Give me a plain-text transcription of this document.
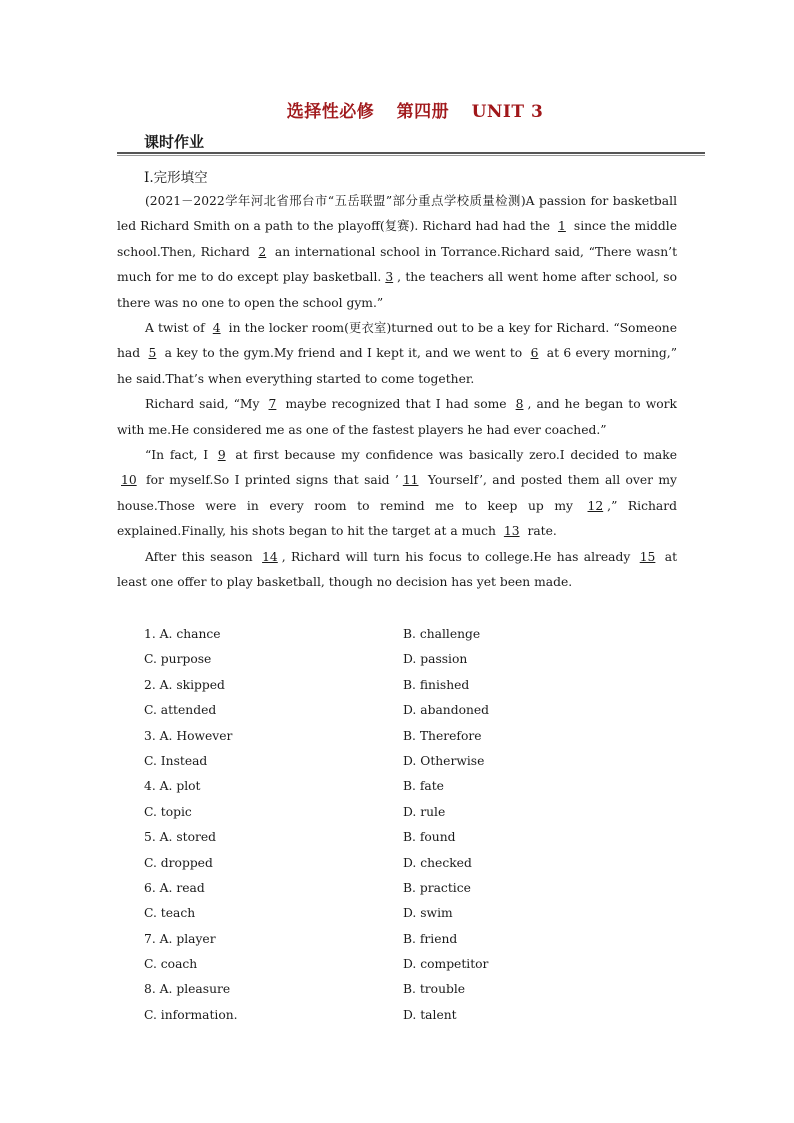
选择性必修 第四册 UNIT 3
课时作业
Ⅰ.完形填空

(2021－2022学年河北省邢台市“五岳联盟”部分重点学校质量检测)A passion for basketball led Richard Smith on a path to the playoff(复赛). Richard had had the 1 since the middle school.Then, Richard 2 an international school in Torrance.Richard said, “There wasn’t much for me to do except play basketball. 3 , the teachers all went home after school, so there was no one to open the school gym.”

A twist of 4 in the locker room(更衣室)turned out to be a key for Richard. “Someone had 5 a key to the gym.My friend and I kept it, and we went to 6 at 6 every morning,” he said.That’s when everything started to come together.

Richard said, “My 7 maybe recognized that I had some 8 , and he began to work with me.He considered me as one of the fastest players he had ever coached.”

“In fact, I 9 at first because my confidence was basically zero.I decided to make 10 for myself.So I printed signs that said ’ 11 Yourself’, and posted them all over my house.Those were in every room to remind me to keep up my 12 ,” Richard explained.Finally, his shots began to hit the target at a much 13 rate.

After this season 14 , Richard will turn his focus to college.He has already 15 at least one offer to play basketball, though no decision has yet been made.

1. A. chance	B. challenge
C. purpose	D. passion
2. A. skipped	B. finished
C. attended	D. abandoned
3. A. However	B. Therefore
C. Instead	D. Otherwise
4. A. plot	B. fate
C. topic	D. rule
5. A. stored	B. found
C. dropped	D. checked
6. A. read	B. practice
C. teach	D. swim
7. A. player	B. friend
C. coach	D. competitor
8. A. pleasure	B. trouble
C. information.	D. talent
